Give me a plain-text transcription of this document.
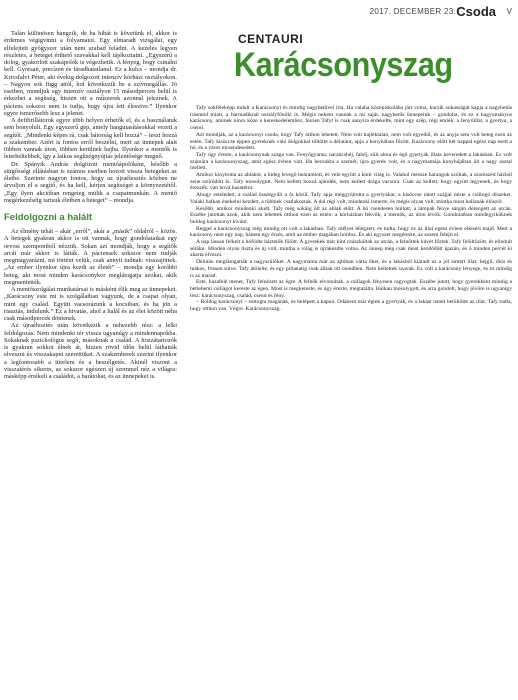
2017. DECEMBER 23. Csoda V

Talán különösen hangzik, de ha hibát is követünk el, akkor is érdemes végigvinni a folyamatot. Egy elmaradt vizsgálat, egy elfelejtett gyógyszer után nem szabad feladni. A kezelés legyen részletes, a beteget érthető szavakkal kell tájékoztatni. „Egyszerű a dolog, gyakorlott szakápolók is végezhetik. A lényeg, hogy csinálni kell. Gyorsan, precízen és fáradhatatlanul. Ez a kulcs – mondja dr. Kricsfalvi Péter, aki évekig dolgozott intenzív kórházi osztályokon. – Nagyon sok függ attól, hol következik be a szívmegállás. Jó esetben, mondjuk egy intenzív osztályon 15 másodpercen belül is érkezhet a segítség, hiszen ott a műszerek azonnal jeleznek. A páciens sokszor nem is tudja, hogy újra lett élesztve.” Ilyenkor egyre ismerősebb lesz a jelenet.

A defibrillátorok egyre több helyen érhetők el, és a használatuk sem bonyolult. Egy egyszerű gép, amely hangutasításokkal vezeti a segítőt. „Mindenki képes rá, csak bátorság kell hozzá” – teszi hozzá a szakember. Azért is fontos erről beszélni, mert az ünnepek alatt többen vannak úton, többen kerülnek bajba. Ilyenkor a mentők is leterheltebbek, így a laikus segítségnyújtás jelentősége megnő.

Dr. Spányik András dolgozott mentőápolóként, később a sürgősségi ellátásban is számos esetben hozott vissza betegeket az életbe. Szerinte nagyon fontos, hogy az újraélesztés közben ne árvuljon el a segítő, és ha kell, kérjen segítséget a környezetétől. „Egy ilyen akcióban rengeteg múlik a csapatmunkán. A mentő megérkezéséig tartsuk életben a beteget” – mondja.

Feldolgozni a halált

Az élmény tehát – akár „erről”, akár a „másik” oldalról – közös. A betegek gyakran akkor is ott vannak, hogy gondolataikat egy orvosi szempontból nézzük. Sokan azt mondják, hogy a segítők arcát már akkor is látták. A páciensek sokszor nem tudják megmagyarázni, mi történt velük, csak annyit tudnak: visszajöttek. „Az ember ilyenkor újra kezdi az életét” – mondja egy korábbi beteg, aki most minden karácsonykor meglátogatja azokat, akik megmentették.

A mentőszolgálat munkatársai is másként élik meg az ünnepeket. „Karácsony este mi is szolgálatban vagyunk, de a csapat olyan, mint egy család. Együtt vacsorázunk a kocsiban, és ha jön a riasztás, indulunk.” Ez a hivatás, ahol a halál és az élet között néha csak másodpercek döntenek.

Az újraélesztés után következik a nehezebb rész: a lelki feldolgozás. Nem mindenki tér vissza ugyanúgy a mindennapokba. Sokaknak pszichológus segít, másoknak a család. A hozzátartozók is gyakran sokkot élnek át, hiszen rövid időn belül láthatták elveszni és visszakapni szerettüket. A szakemberek szerint ilyenkor a legfontosabb a türelem és a beszélgetés. Akinél viszont a visszatérés sikeres, az sokszor egészen új szemmel néz a világra: másképp értékeli a családot, a barátokat, és az ünnepeket is.

CENTAURI
Karácsonyszag

Tafy sokféleképp indult a Karácsonyt és mindig nagybetűvel írta. Ha valaha középiskolába járt volna, kurzik sokasságát kapja a nagybetűs írásmód miatt, a harmadiknál osztályfőnöki is. Mégis nekem vannak a mi saját, nagybetűs ünnepeink – gondolta, és ez a hagyományos karácsony, aminek nincs köze a kereskedelemhez, hiszen Tafyt is csak annyira érdekelte, mint egy szép, régi emlék: a fenyőillat, a gyertya, a csend.

Azt mondják, az a karácsonyi csoda, hogy Tafy otthon lehetett. Nem volt hajléktalan, nem volt egyedül, és az anyja sem volt beteg ezen az estén. Tafy kisöccse éppen gyereknek való dolgokkal töltötte a délutánt, apja a konyhában főzött. Karácsony előtt két nappal egész nap esett a hó, és a város elcsendesedett.

Tafy úgy érezte, a karácsonynak szaga van. Fenyőgyanta, narancshéj, fahéj, sült alma és égő gyertyák illata keveredett a lakásban. Ez volt számára a karácsonyszag, amit egész évben várt. Ha becsukta a szemét, újra gyerek volt, és a nagymamája konyhájában ült a nagy asztal mellett.

Amikor kinyitotta az ablakot, a hideg levegő beáramlott, és vele együtt a kinti világ is. Valahol messze harangok szóltak, a szomszéd házból zene szűrődött ki. Tafy mosolygott. Nem kellett hozzá ajándék, nem kellett drága vacsora. Csak az kellett, hogy együtt legyenek, és hogy érezzék: van hová hazatérni.

Ahogy esteledett, a család összegyűlt a fa körül. Tafy apja meggyújtotta a gyertyákat, a kisöccse tátott szájjal nézte a csillogó díszeket. Valaki halkan énekelni kezdett, a többiek csatlakoztak. A dal régi volt, mindenki ismerte, és mégis olyan volt, mintha most hallanák először.

Később, amikor mindenki aludt, Tafy még sokáig ült az ablak előtt. A hó csendesen hullott, a lámpák fénye sárgán derengett az utcán. Eszébe jutottak azok, akik nem lehettek otthon ezen az estén: a kórházban fekvők, a mentők, az úton lévők. Gondolatban mindegyiküknek boldog karácsonyt kívánt.

Reggel a karácsonyszag még mindig ott volt a lakásban. Tafy mélyet lélegzett, és tudta, hogy ez az illat egész évben elkíséri majd. Mert a karácsony nem egy nap, hanem egy érzés, amit az ember magában hordoz. És aki egyszer megérezte, az sosem felejti el.

A nap lassan felkelt a hófödte háztetők fölött. A gyerekek már kint csúszkáltak az utcán, a felnőttek kávét főztek. Tafy felöltözött, és elindult sétálni. Minden olyan tiszta és új volt, mintha a világ is újrakezdte volna. Az ünnep még csak most kezdődött igazán, és ő minden percét ki akarta élvezni.

Délután meglátogatták a nagyszülőket. A nagymama már az ajtóban várta őket, és a lakásból kiáradt az a jól ismert illat: bejgli, diós és mákos, frissen sütve. Tafy átölelte, és egy pillanatig csak álltak ott csendben. Nem kellettek szavak. Ez volt a karácsony lényege, és ez mindig is az marad.

Este, hazafelé menet, Tafy felnézett az égre. A felhők elvonultak, a csillagok fényesen ragyogtak. Eszébe jutott, hogy gyerekként mindig a betlehemi csillagot kereste az égen. Most is megkereste, és úgy érezte, megtalálta. Halkan mosolygott, és arra gondolt, hogy jövőre is ugyanígy lesz: karácsonyszag, család, csend és fény.

– Boldog karácsonyt – suttogta magának, és belépett a kapun. Odabent már égtek a gyertyák, és a lakást ismét betöltötte az illat. Tafy tudta, hogy otthon van. Végre. Karácsonyszag.
